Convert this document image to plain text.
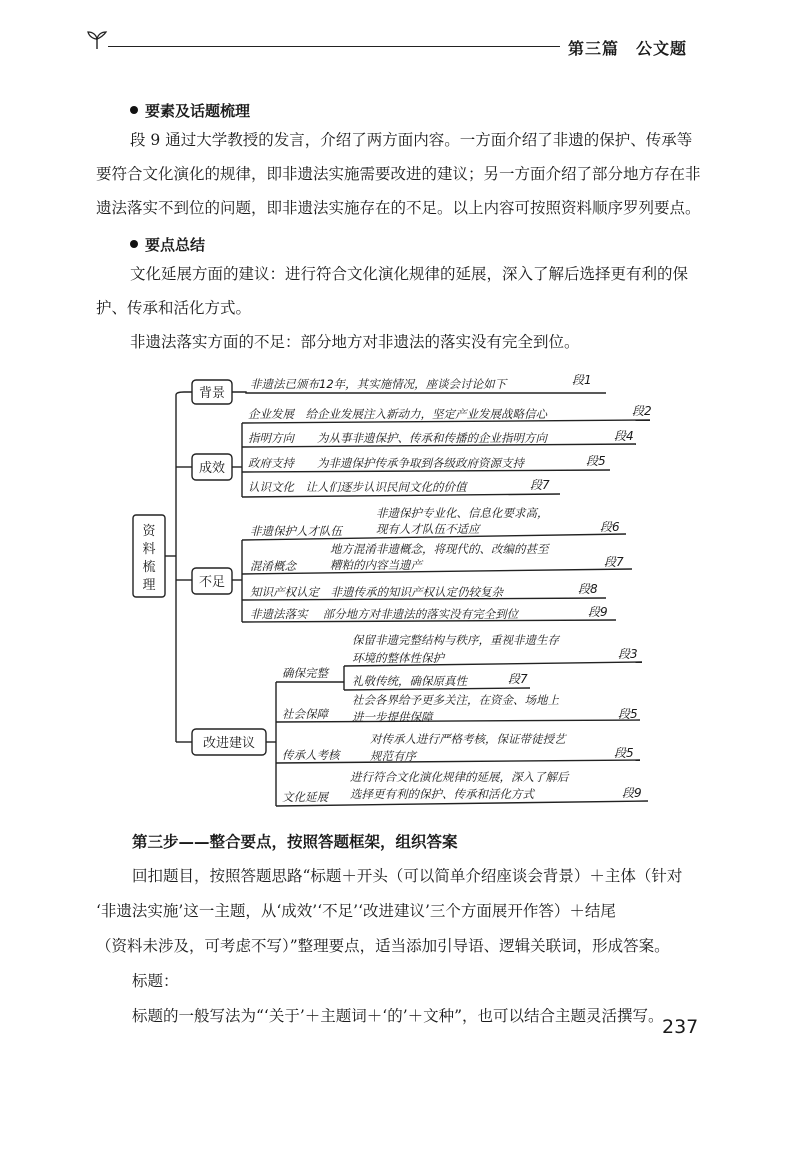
第三篇　公文题
要素及话题梳理
段 9 通过大学教授的发言，介绍了两方面内容。一方面介绍了非遗的保护、传承等
要符合文化演化的规律，即非遗法实施需要改进的建议；另一方面介绍了部分地方存在非
遗法落实不到位的问题，即非遗法实施存在的不足。以上内容可按照资料顺序罗列要点。
要点总结
文化延展方面的建议：进行符合文化演化规律的延展，深入了解后选择更有利的保
护、传承和活化方式。
非遗法落实方面的不足：部分地方对非遗法的落实没有完全到位。
资
料
梳
理
背景
成效
不足
改进建议
非遗法已颁布12年，其实施情况，座谈会讨论如下	段1
企业发展　给企业发展注入新动力，坚定产业发展战略信心	段2
指明方向　　为从事非遗保护、传承和传播的企业指明方向	段4
政府支持　　为非遗保护传承争取到各级政府资源支持	段5
认识文化　让人们逐步认识民间文化的价值	段7
非遗保护专业化、信息化要求高，
非遗保护人才队伍	现有人才队伍不适应	段6
地方混淆非遗概念，将现代的、改编的甚至
混淆概念	糟粕的内容当遗产	段7
知识产权认定　非遗传承的知识产权认定仍较复杂	段8
非遗法落实　 部分地方对非遗法的落实没有完全到位	段9
确保完整
保留非遗完整结构与秩序，重视非遗生存
环境的整体性保护	段3
礼敬传统，确保原真性	段7
社会保障
社会各界给予更多关注，在资金、场地上
进一步提供保障	段5
传承人考核
对传承人进行严格考核，保证带徒授艺
规范有序	段5
文化延展
进行符合文化演化规律的延展，深入了解后
选择更有利的保护、传承和活化方式	段9
第三步——整合要点，按照答题框架，组织答案
回扣题目，按照答题思路“标题＋开头（可以简单介绍座谈会背景）＋主体（针对
‘非遗法实施’这一主题，从‘成效’‘不足’‘改进建议’三个方面展开作答）＋结尾
（资料未涉及，可考虑不写）”整理要点，适当添加引导语、逻辑关联词，形成答案。
标题：
标题的一般写法为“‘关于’＋主题词＋‘的’＋文种”，也可以结合主题灵活撰写。
237
